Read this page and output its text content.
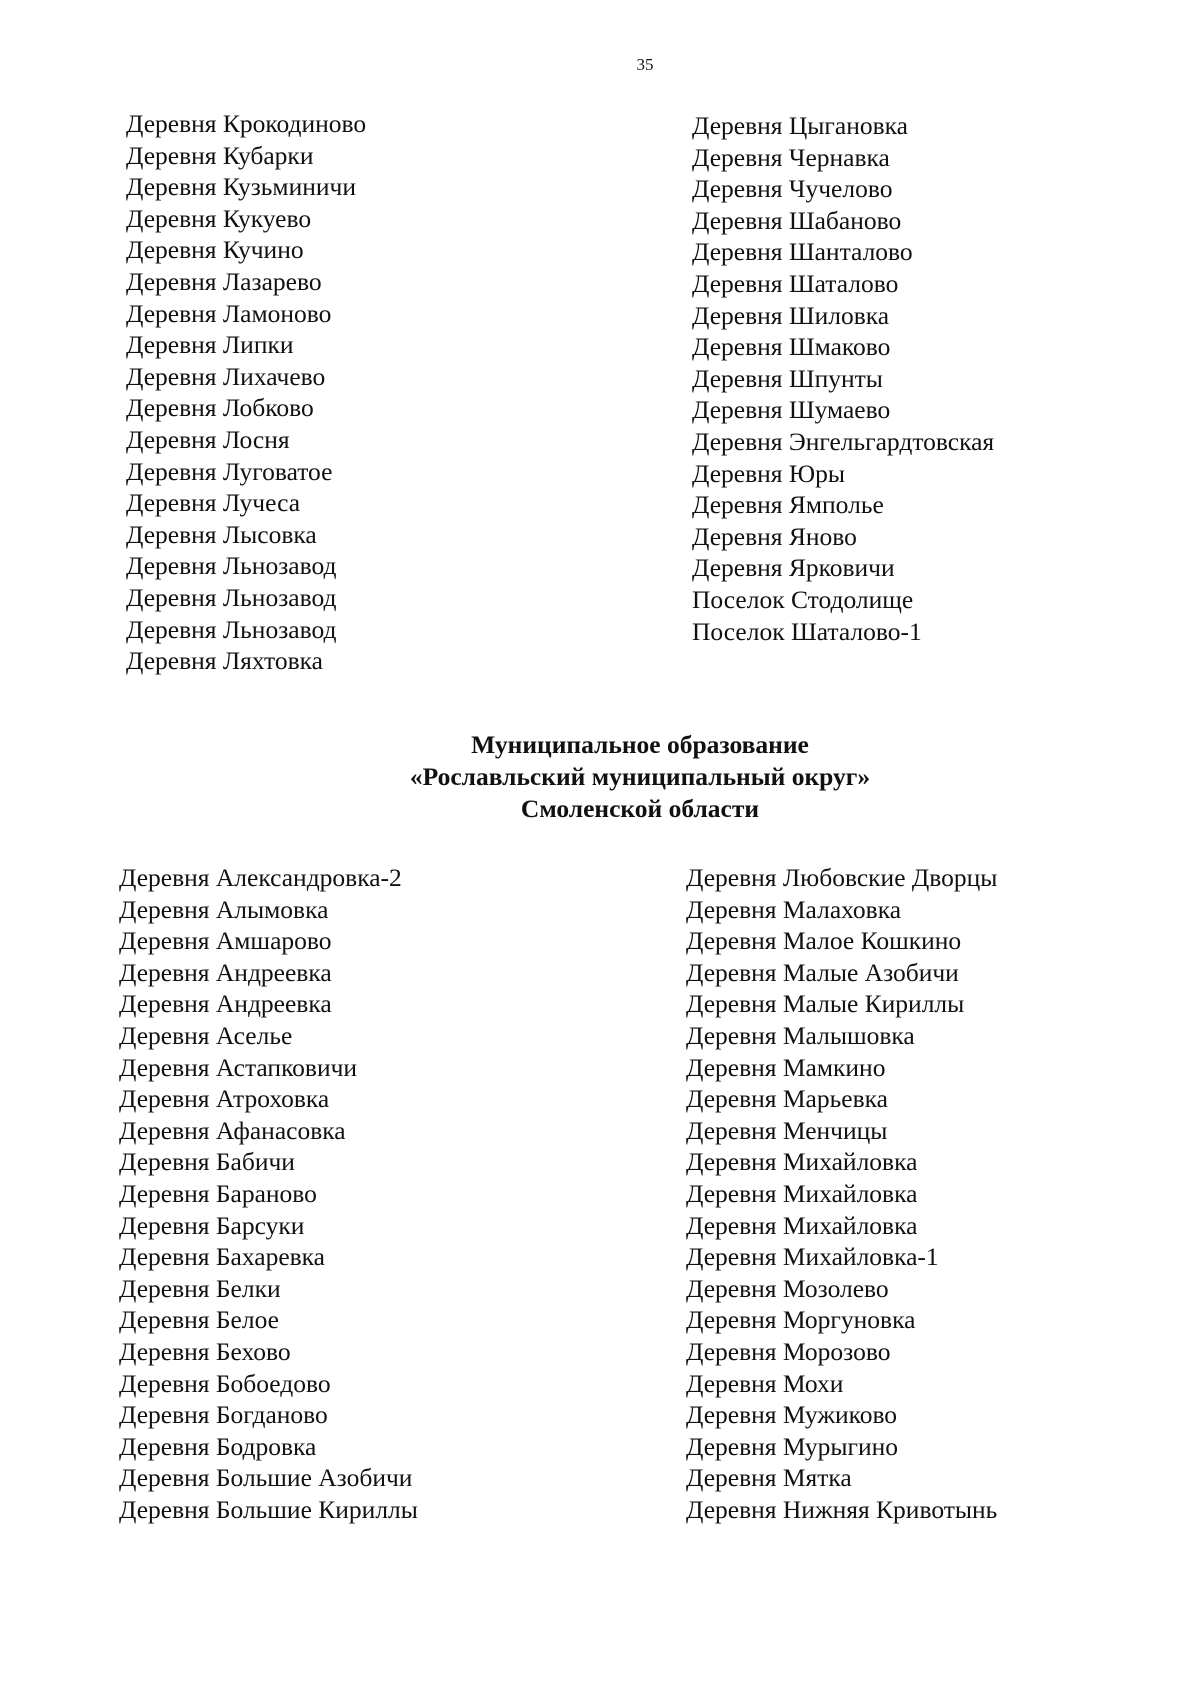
35
Деревня Крокодиново
Деревня Кубарки
Деревня Кузьминичи
Деревня Кукуево
Деревня Кучино
Деревня Лазарево
Деревня Ламоново
Деревня Липки
Деревня Лихачево
Деревня Лобково
Деревня Лосня
Деревня Луговатое
Деревня Лучеса
Деревня Лысовка
Деревня Льнозавод
Деревня Льнозавод
Деревня Льнозавод
Деревня Ляхтовка
Деревня Цыгановка
Деревня Чернавка
Деревня Чучелово
Деревня Шабаново
Деревня Шанталово
Деревня Шаталово
Деревня Шиловка
Деревня Шмаково
Деревня Шпунты
Деревня Шумаево
Деревня Энгельгардтовская
Деревня Юры
Деревня Ямполье
Деревня Яново
Деревня Ярковичи
Поселок Стодолище
Поселок Шаталово-1
Муниципальное образование
«Рославльский муниципальный округ»
Смоленской области
Деревня Александровка-2
Деревня Алымовка
Деревня Амшарово
Деревня Андреевка
Деревня Андреевка
Деревня Аселье
Деревня Астапковичи
Деревня Атроховка
Деревня Афанасовка
Деревня Бабичи
Деревня Бараново
Деревня Барсуки
Деревня Бахаревка
Деревня Белки
Деревня Белое
Деревня Бехово
Деревня Бобоедово
Деревня Богданово
Деревня Бодровка
Деревня Большие Азобичи
Деревня Большие Кириллы
Деревня Любовские Дворцы
Деревня Малаховка
Деревня Малое Кошкино
Деревня Малые Азобичи
Деревня Малые Кириллы
Деревня Малышовка
Деревня Мамкино
Деревня Марьевка
Деревня Менчицы
Деревня Михайловка
Деревня Михайловка
Деревня Михайловка
Деревня Михайловка-1
Деревня Мозолево
Деревня Моргуновка
Деревня Морозово
Деревня Мохи
Деревня Мужиково
Деревня Мурыгино
Деревня Мятка
Деревня Нижняя Кривотынь
